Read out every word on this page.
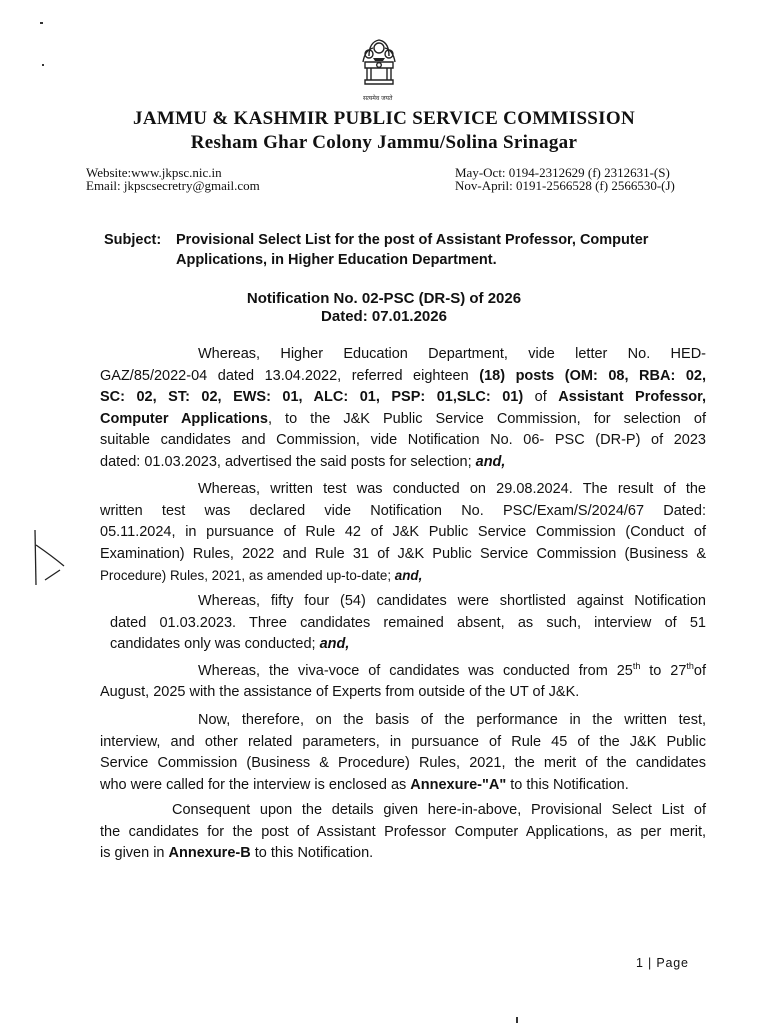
सत्यमेव जयते
JAMMU & KASHMIR PUBLIC SERVICE COMMISSION
Resham Ghar Colony Jammu/Solina Srinagar
Website:www.jkpsc.nic.in
Email: jkpscsecretry@gmail.com
May-Oct: 0194-2312629 (f) 2312631-(S)
Nov-April: 0191-2566528 (f) 2566530-(J)
Subject: Provisional Select List for the post of Assistant Professor, Computer
Applications, in Higher Education Department.
Notification No. 02-PSC (DR-S) of 2026
Dated: 07.01.2026
Whereas, Higher Education Department, vide letter No. HED-
GAZ/85/2022-04 dated 13.04.2022, referred eighteen (18) posts (OM: 08, RBA: 02,
SC: 02, ST: 02, EWS: 01, ALC: 01, PSP: 01,SLC: 01) of Assistant Professor,
Computer Applications, to the J&K Public Service Commission, for selection of
suitable candidates and Commission, vide Notification No. 06- PSC (DR-P) of 2023
dated: 01.03.2023, advertised the said posts for selection; and,
Whereas, written test was conducted on 29.08.2024. The result of the
written test was declared vide Notification No. PSC/Exam/S/2024/67 Dated:
05.11.2024, in pursuance of Rule 42 of J&K Public Service Commission (Conduct of
Examination) Rules, 2022 and Rule 31 of J&K Public Service Commission (Business &
Procedure) Rules, 2021, as amended up-to-date; and,
Whereas, fifty four (54) candidates were shortlisted against Notification
dated 01.03.2023. Three candidates remained absent, as such, interview of 51
candidates only was conducted; and,
Whereas, the viva-voce of candidates was conducted from 25th to 27thof
August, 2025 with the assistance of Experts from outside of the UT of J&K.
Now, therefore, on the basis of the performance in the written test,
interview, and other related parameters, in pursuance of Rule 45 of the J&K Public
Service Commission (Business & Procedure) Rules, 2021, the merit of the candidates
who were called for the interview is enclosed as Annexure-"A" to this Notification.
Consequent upon the details given here-in-above, Provisional Select List of
the candidates for the post of Assistant Professor Computer Applications, as per merit,
is given in Annexure-B to this Notification.
1 | Page
